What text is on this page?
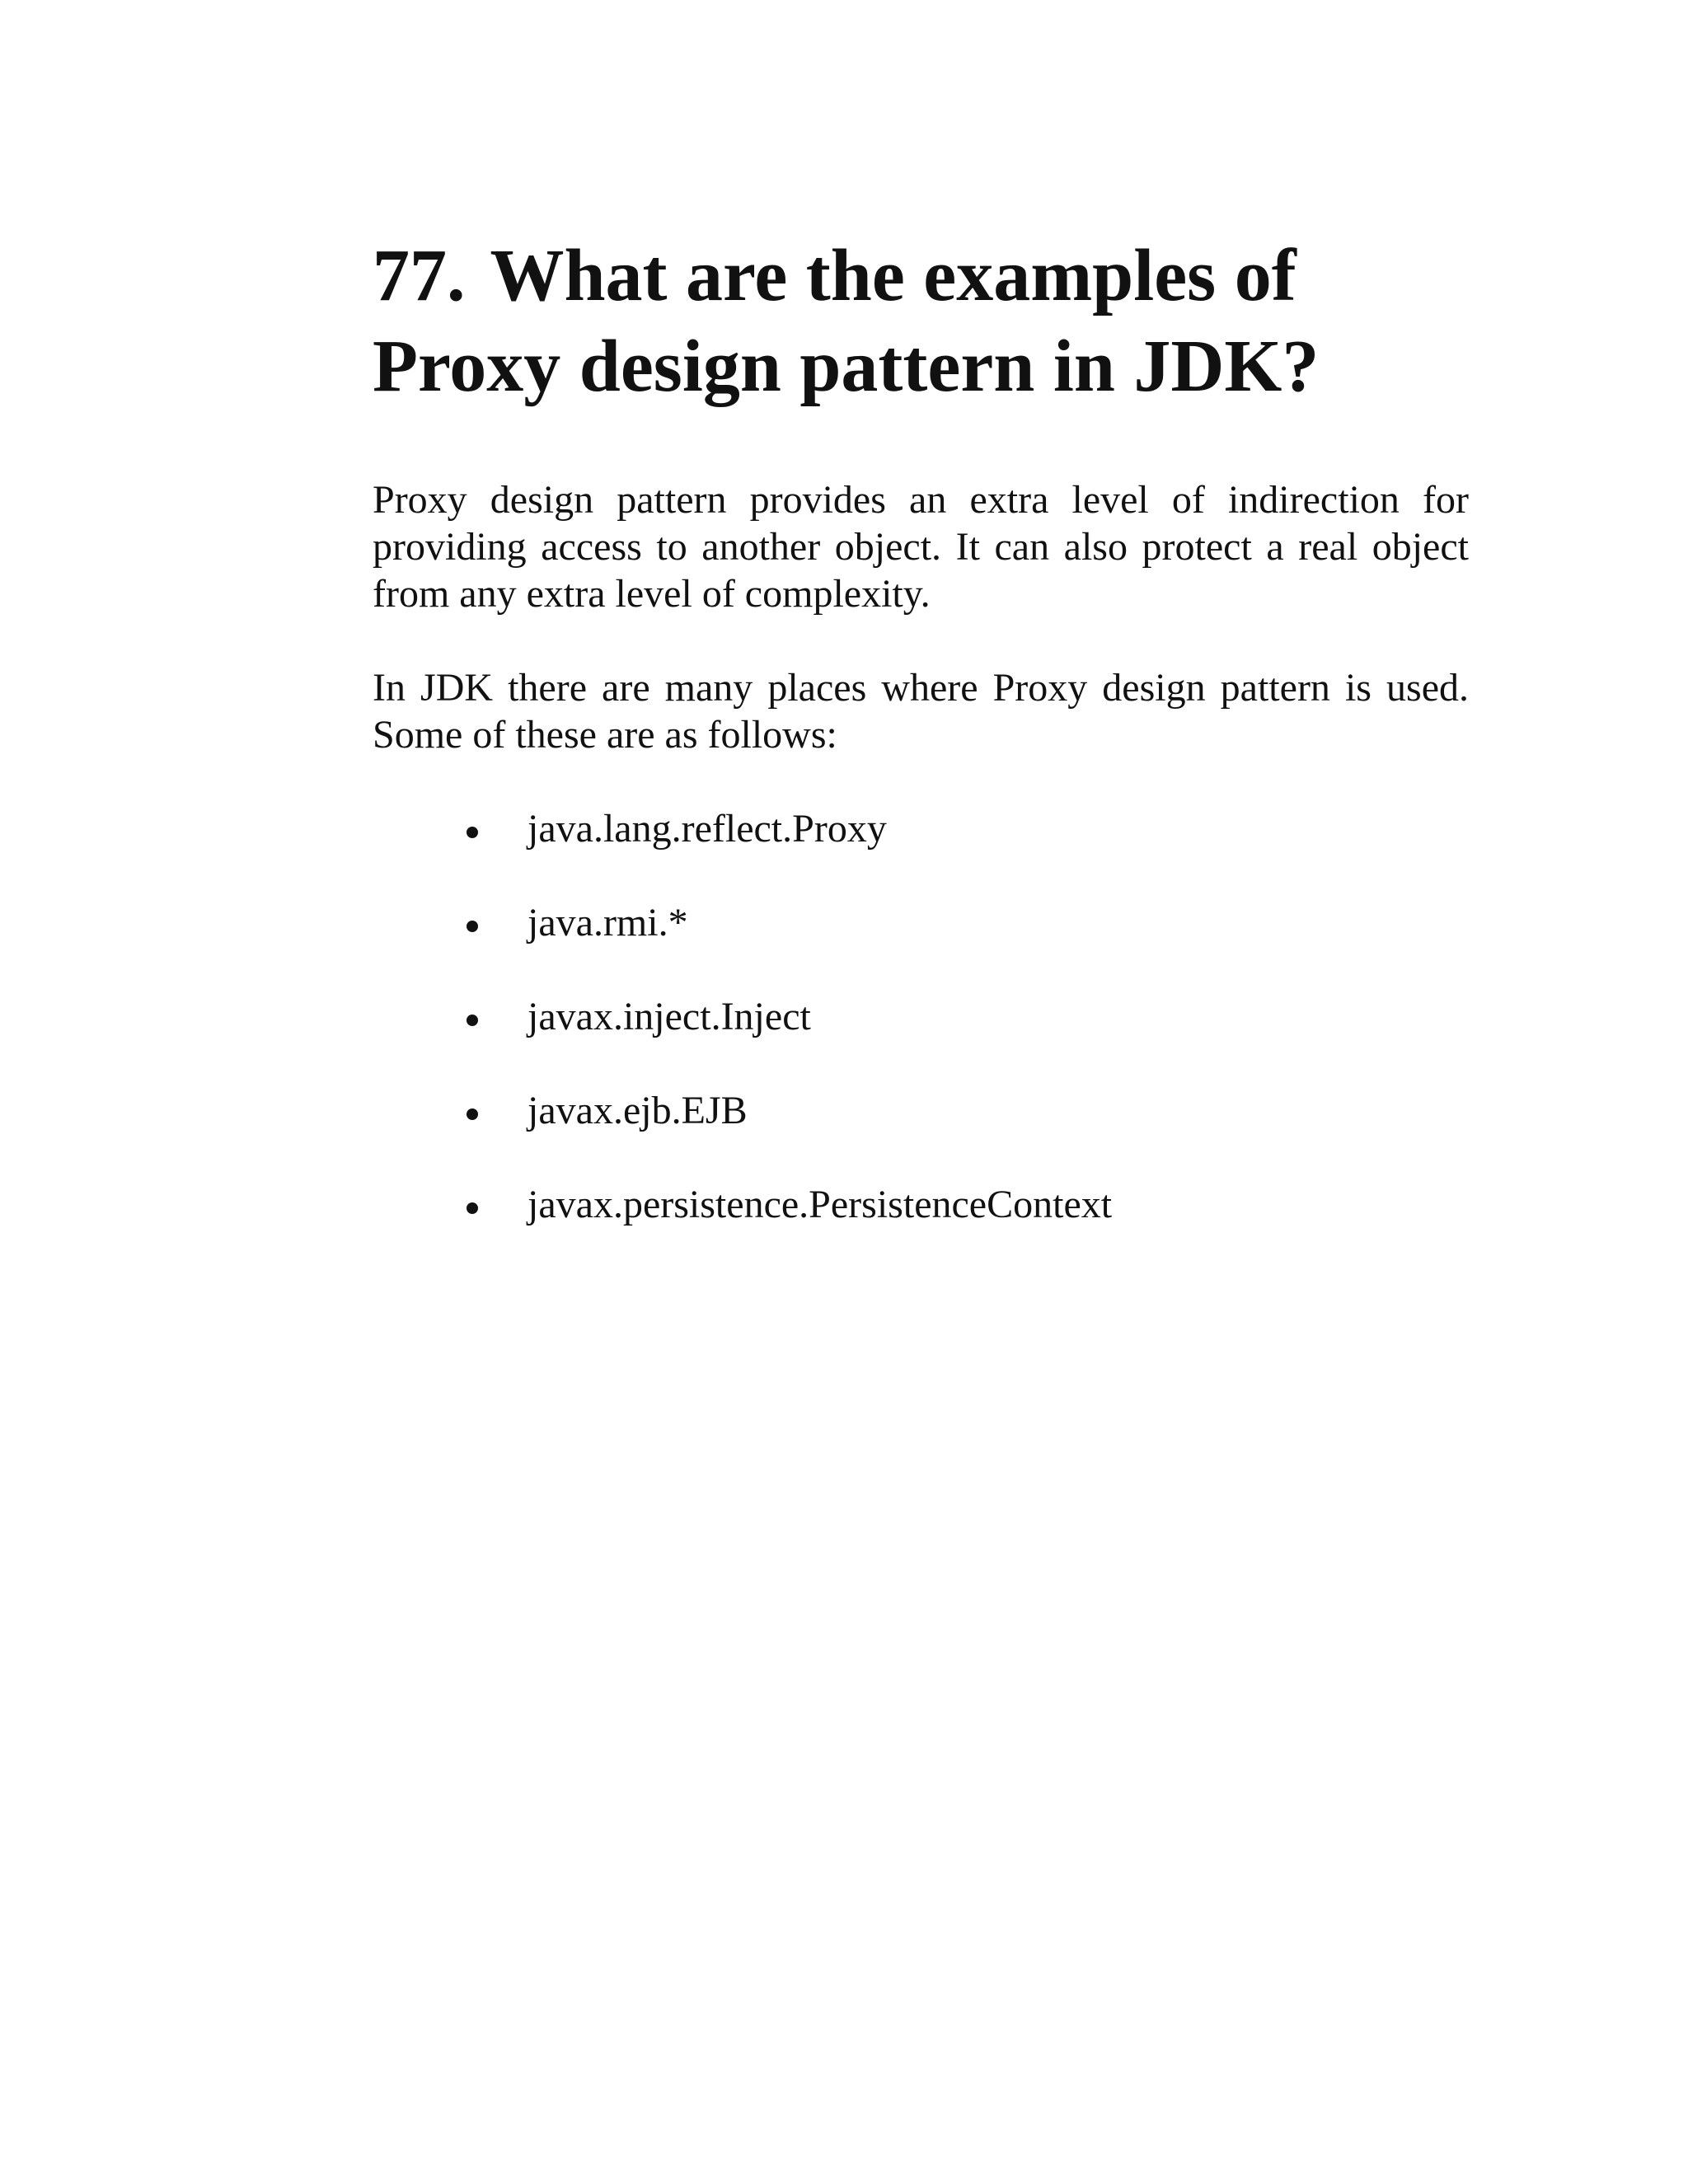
77. What are the examples of Proxy design pattern in JDK?

Proxy design pattern provides an extra level of indirection for providing access to another object. It can also protect a real object from any extra level of complexity.

In JDK there are many places where Proxy design pattern is used. Some of these are as follows:

java.lang.reflect.Proxy
java.rmi.*
javax.inject.Inject
javax.ejb.EJB
javax.persistence.PersistenceContext
